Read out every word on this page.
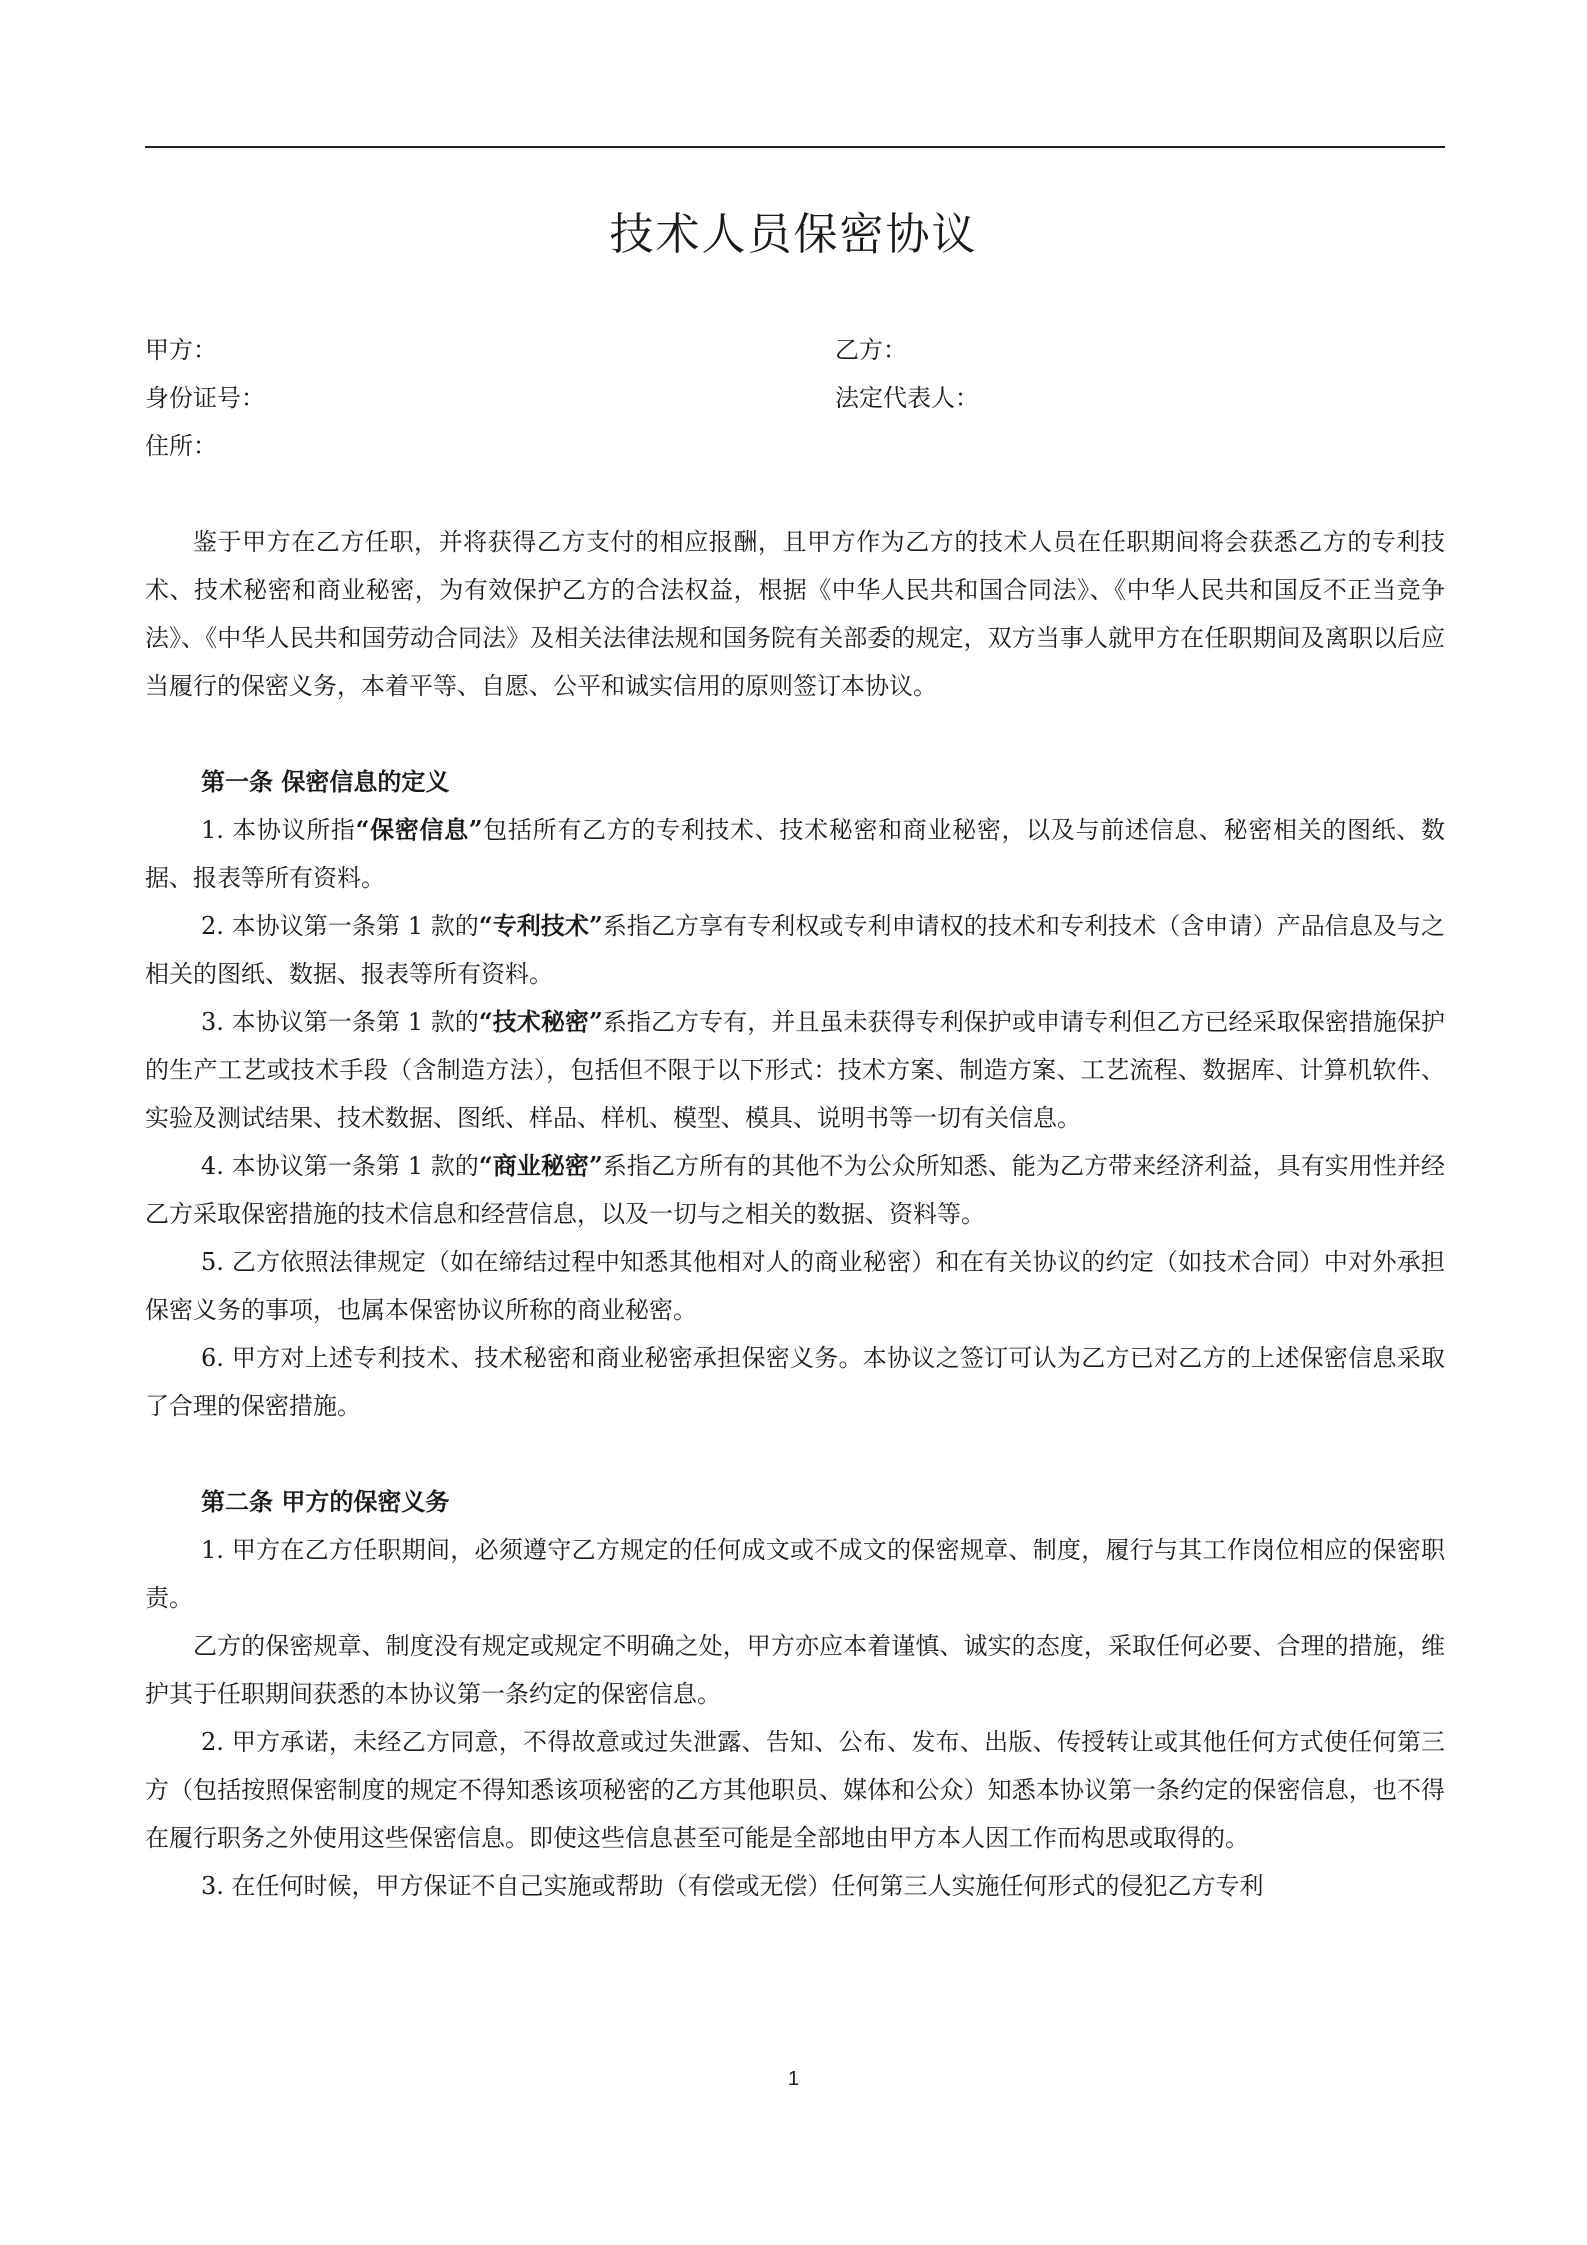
技术人员保密协议
甲方：	乙方：
身份证号：	法定代表人：
住所：

鉴于甲方在乙方任职，并将获得乙方支付的相应报酬，且甲方作为乙方的技术人员在任职期间将会获悉乙方的专利技术、技术秘密和商业秘密，为有效保护乙方的合法权益，根据《中华人民共和国合同法》、《中华人民共和国反不正当竞争法》、《中华人民共和国劳动合同法》及相关法律法规和国务院有关部委的规定，双方当事人就甲方在任职期间及离职以后应当履行的保密义务，本着平等、自愿、公平和诚实信用的原则签订本协议。

第一条 保密信息的定义

1. 本协议所指“保密信息”包括所有乙方的专利技术、技术秘密和商业秘密，以及与前述信息、秘密相关的图纸、数据、报表等所有资料。

2. 本协议第一条第 1 款的“专利技术”系指乙方享有专利权或专利申请权的技术和专利技术（含申请）产品信息及与之相关的图纸、数据、报表等所有资料。

3. 本协议第一条第 1 款的“技术秘密”系指乙方专有，并且虽未获得专利保护或申请专利但乙方已经采取保密措施保护的生产工艺或技术手段（含制造方法），包括但不限于以下形式：技术方案、制造方案、工艺流程、数据库、计算机软件、实验及测试结果、技术数据、图纸、样品、样机、模型、模具、说明书等一切有关信息。

4. 本协议第一条第 1 款的“商业秘密”系指乙方所有的其他不为公众所知悉、能为乙方带来经济利益，具有实用性并经乙方采取保密措施的技术信息和经营信息，以及一切与之相关的数据、资料等。

5. 乙方依照法律规定（如在缔结过程中知悉其他相对人的商业秘密）和在有关协议的约定（如技术合同）中对外承担保密义务的事项，也属本保密协议所称的商业秘密。

6. 甲方对上述专利技术、技术秘密和商业秘密承担保密义务。本协议之签订可认为乙方已对乙方的上述保密信息采取了合理的保密措施。

第二条 甲方的保密义务

1. 甲方在乙方任职期间，必须遵守乙方规定的任何成文或不成文的保密规章、制度，履行与其工作岗位相应的保密职责。

乙方的保密规章、制度没有规定或规定不明确之处，甲方亦应本着谨慎、诚实的态度，采取任何必要、合理的措施，维护其于任职期间获悉的本协议第一条约定的保密信息。

2. 甲方承诺，未经乙方同意，不得故意或过失泄露、告知、公布、发布、出版、传授转让或其他任何方式使任何第三方（包括按照保密制度的规定不得知悉该项秘密的乙方其他职员、媒体和公众）知悉本协议第一条约定的保密信息，也不得在履行职务之外使用这些保密信息。即使这些信息甚至可能是全部地由甲方本人因工作而构思或取得的。

3. 在任何时候，甲方保证不自己实施或帮助（有偿或无偿）任何第三人实施任何形式的侵犯乙方专利

1
